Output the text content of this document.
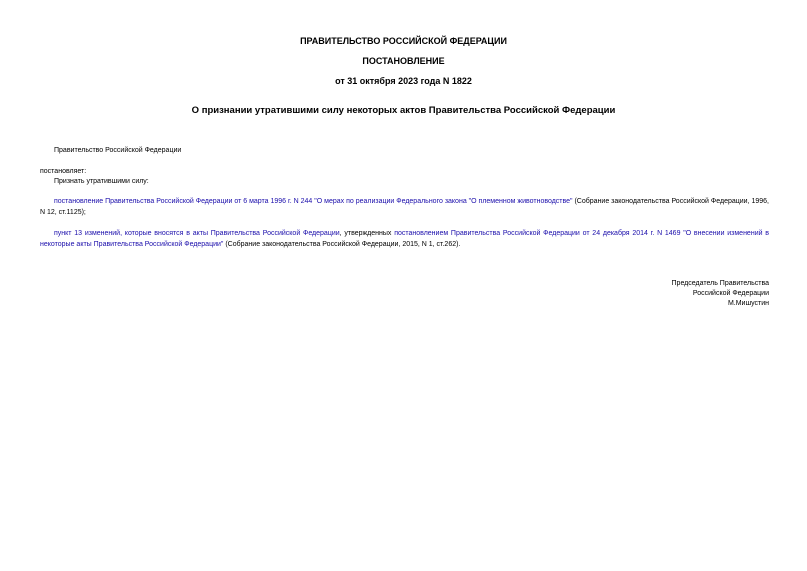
ПРАВИТЕЛЬСТВО РОССИЙСКОЙ ФЕДЕРАЦИИ
ПОСТАНОВЛЕНИЕ
от 31 октября 2023 года N 1822
О признании утратившими силу некоторых актов Правительства Российской Федерации
Правительство Российской Федерации
постановляет:
Признать утратившими силу:
постановление Правительства Российской Федерации от 6 марта 1996 г. N 244 "О мерах по реализации Федерального закона "О племенном животноводстве" (Собрание законодательства Российской Федерации, 1996, N 12, ст.1125);
пункт 13 изменений, которые вносятся в акты Правительства Российской Федерации, утвержденных постановлением Правительства Российской Федерации от 24 декабря 2014 г. N 1469 "О внесении изменений в некоторые акты Правительства Российской Федерации" (Собрание законодательства Российской Федерации, 2015, N 1, ст.262).
Председатель Правительства
Российской Федерации
М.Мишустин
